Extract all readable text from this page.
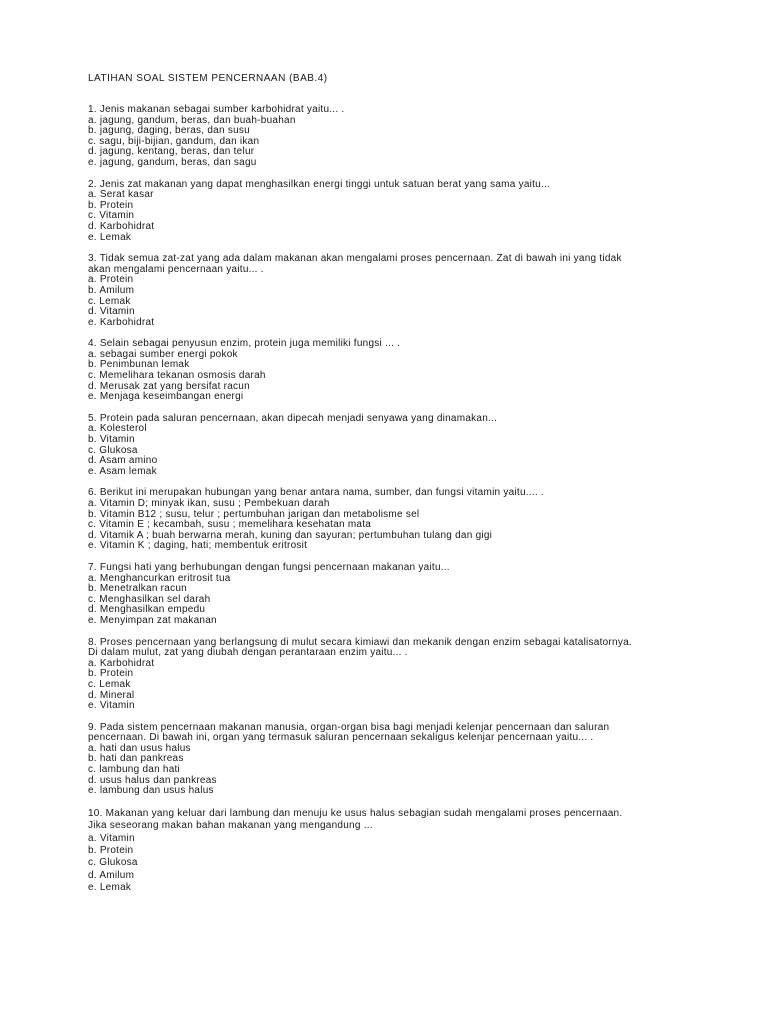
LATIHAN SOAL SISTEM PENCERNAAN (BAB.4)
1. Jenis makanan sebagai sumber karbohidrat yaitu... .
a. jagung, gandum, beras, dan buah-buahan
b. jagung, daging, beras, dan susu
c. sagu, biji-bijian, gandum, dan ikan
d. jagung, kentang, beras, dan telur
e. jagung, gandum, beras, dan sagu
2. Jenis zat makanan yang dapat menghasilkan energi tinggi untuk satuan berat yang sama yaitu...
a. Serat kasar
b. Protein
c. Vitamin
d. Karbohidrat
e. Lemak
3. Tidak semua zat-zat yang ada dalam makanan akan mengalami proses pencernaan. Zat di bawah ini yang tidak
akan mengalami pencernaan yaitu... .
a. Protein
b. Amilum
c. Lemak
d. Vitamin
e. Karbohidrat
4. Selain sebagai penyusun enzim, protein juga memiliki fungsi ... .
a. sebagai sumber energi pokok
b. Penimbunan lemak
c. Memelihara tekanan osmosis darah
d. Merusak zat yang bersifat racun
e. Menjaga keseimbangan energi
5. Protein pada saluran pencernaan, akan dipecah menjadi senyawa yang dinamakan...
a. Kolesterol
b. Vitamin
c. Glukosa
d. Asam amino
e. Asam lemak
6. Berikut ini merupakan hubungan yang benar antara nama, sumber, dan fungsi vitamin yaitu.... .
a. Vitamin D; minyak ikan, susu ; Pembekuan darah
b. Vitamin B12 ; susu, telur ; pertumbuhan jarigan dan metabolisme sel
c. Vitamin E ; kecambah, susu ; memelihara kesehatan mata
d. Vitamik A ; buah berwarna merah, kuning dan sayuran; pertumbuhan tulang dan gigi
e. Vitamin K ; daging, hati; membentuk eritrosit
7. Fungsi hati yang berhubungan dengan fungsi pencernaan makanan yaitu...
a. Menghancurkan eritrosit tua
b. Menetralkan racun
c. Menghasilkan sel darah
d. Menghasilkan empedu
e. Menyimpan zat makanan
8. Proses pencernaan yang berlangsung di mulut secara kimiawi dan mekanik dengan enzim sebagai katalisatornya.
Di dalam mulut, zat yang diubah dengan perantaraan enzim yaitu... .
a. Karbohidrat
b. Protein
c. Lemak
d. Mineral
e. Vitamin
9. Pada sistem pencernaan makanan manusia, organ-organ bisa bagi menjadi kelenjar pencernaan dan saluran
pencernaan. Di bawah ini, organ yang termasuk saluran pencernaan sekaligus kelenjar pencernaan yaitu... .
a. hati dan usus halus
b. hati dan pankreas
c. lambung dan hati
d. usus halus dan pankreas
e. lambung dan usus halus
10. Makanan yang keluar dari lambung dan menuju ke usus halus sebagian sudah mengalami proses pencernaan.
Jika seseorang makan bahan makanan yang mengandung ...
a. Vitamin
b. Protein
c. Glukosa
d. Amilum
e. Lemak
